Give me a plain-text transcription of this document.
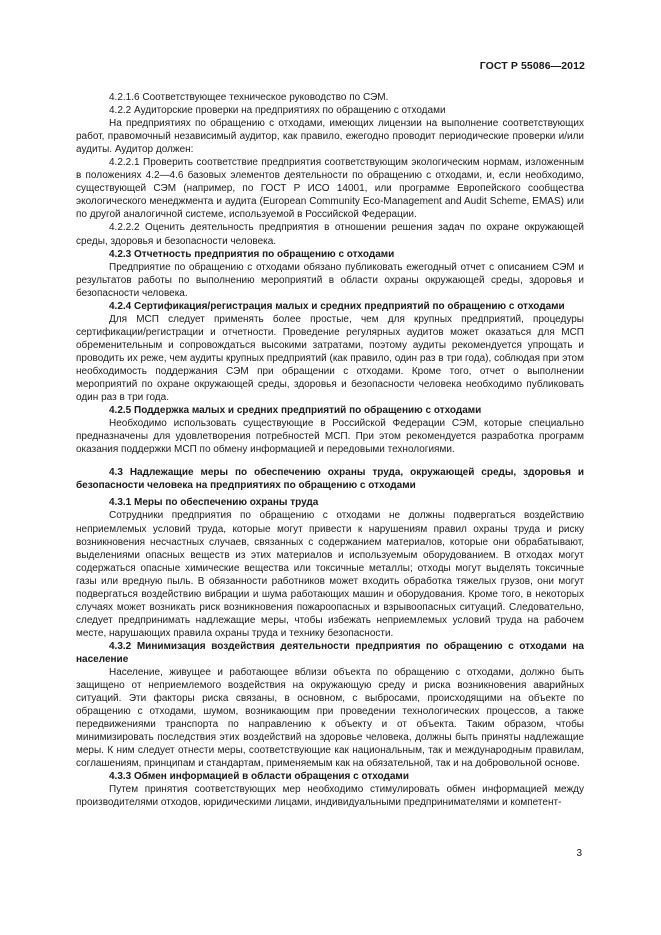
ГОСТ Р 55086—2012

4.2.1.6 Соответствующее техническое руководство по СЭМ.

4.2.2 Аудиторские проверки на предприятиях по обращению с отходами

На предприятиях по обращению с отходами, имеющих лицензии на выполнение соответствующих работ, правомочный независимый аудитор, как правило, ежегодно проводит периодические проверки и/или аудиты. Аудитор должен:

4.2.2.1 Проверить соответствие предприятия соответствующим экологическим нормам, изложенным в положениях 4.2—4.6 базовых элементов деятельности по обращению с отходами, и, если необходимо, существующей СЭМ (например, по ГОСТ Р ИСО 14001, или программе Европейского сообщества экологического менеджмента и аудита (European Community Eco-Management and Audit Scheme, EMAS) или по другой аналогичной системе, используемой в Российской Федерации.

4.2.2.2 Оценить деятельность предприятия в отношении решения задач по охране окружающей среды, здоровья и безопасности человека.

4.2.3 Отчетность предприятия по обращению с отходами

Предприятие по обращению с отходами обязано публиковать ежегодный отчет с описанием СЭМ и результатов работы по выполнению мероприятий в области охраны окружающей среды, здоровья и безопасности человека.

4.2.4 Сертификация/регистрация малых и средних предприятий по обращению с отходами

Для МСП следует применять более простые, чем для крупных предприятий, процедуры сертификации/регистрации и отчетности. Проведение регулярных аудитов может оказаться для МСП обременительным и сопровождаться высокими затратами, поэтому аудиты рекомендуется упрощать и проводить их реже, чем аудиты крупных предприятий (как правило, один раз в три года), соблюдая при этом необходимость поддержания СЭМ при обращении с отходами. Кроме того, отчет о выполнении мероприятий по охране окружающей среды, здоровья и безопасности человека необходимо публиковать один раз в три года.

4.2.5 Поддержка малых и средних предприятий по обращению с отходами

Необходимо использовать существующие в Российской Федерации СЭМ, которые специально предназначены для удовлетворения потребностей МСП. При этом рекомендуется разработка программ оказания поддержки МСП по обмену информацией и передовыми технологиями.

4.3 Надлежащие меры по обеспечению охраны труда, окружающей среды, здоровья и безопасности человека на предприятиях по обращению с отходами

4.3.1 Меры по обеспечению охраны труда

Сотрудники предприятия по обращению с отходами не должны подвергаться воздействию неприемлемых условий труда, которые могут привести к нарушениям правил охраны труда и риску возникновения несчастных случаев, связанных с содержанием материалов, которые они обрабатывают, выделениями опасных веществ из этих материалов и используемым оборудованием. В отходах могут содержаться опасные химические вещества или токсичные металлы; отходы могут выделять токсичные газы или вредную пыль. В обязанности работников может входить обработка тяжелых грузов, они могут подвергаться воздействию вибрации и шума работающих машин и оборудования. Кроме того, в некоторых случаях может возникать риск возникновения пожароопасных и взрывоопасных ситуаций. Следовательно, следует предпринимать надлежащие меры, чтобы избежать неприемлемых условий труда на рабочем месте, нарушающих правила охраны труда и технику безопасности.

4.3.2 Минимизация воздействия деятельности предприятия по обращению с отходами на население

Население, живущее и работающее вблизи объекта по обращению с отходами, должно быть защищено от неприемлемого воздействия на окружающую среду и риска возникновения аварийных ситуаций. Эти факторы риска связаны, в основном, с выбросами, происходящими на объекте по обращению с отходами, шумом, возникающим при проведении технологических процессов, а также передвижениями транспорта по направлению к объекту и от объекта. Таким образом, чтобы минимизировать последствия этих воздействий на здоровье человека, должны быть приняты надлежащие меры. К ним следует отнести меры, соответствующие как национальным, так и международным правилам, соглашениям, принципам и стандартам, применяемым как на обязательной, так и на добровольной основе.

4.3.3 Обмен информацией в области обращения с отходами

Путем принятия соответствующих мер необходимо стимулировать обмен информацией между производителями отходов, юридическими лицами, индивидуальными предпринимателями и компетент-

3
